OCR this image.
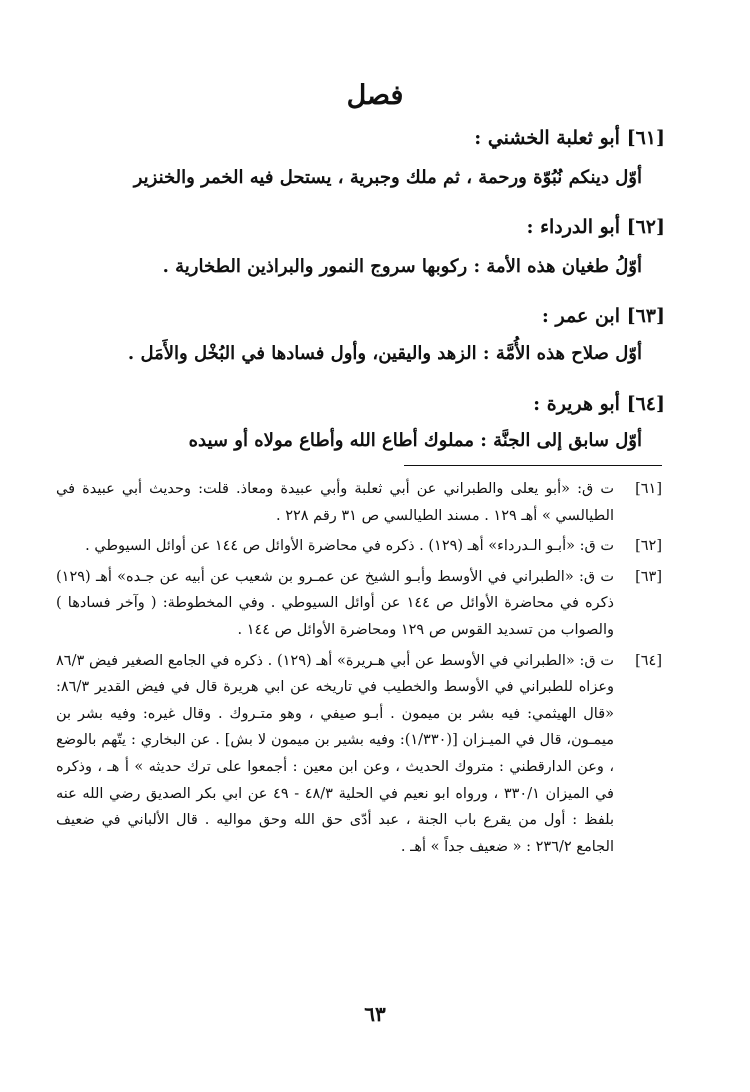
فصل
[٦١] أبو ثعلبة الخشني :
أوّل دينكم نُبُوّة ورحمة ، ثم ملك وجبرية ، يستحل فيه الخمر والخنزير
[٦٢] أبو الدرداء :
أوّلُ طغيان هذه الأمة : ركوبها سروج النمور والبراذين الطخارية .
[٦٣] ابن عمر :
أوّل صلاح هذه الأُمَّة : الزهد واليقين، وأول فسادها في البُخْل والأَمَل .
[٦٤] أبو هريرة :
أوّل سابق إلى الجنَّة : مملوك أطاع الله وأطاع مولاه أو سيده
[٦١]
ت ق: «أبو يعلى والطبراني عن أبي ثعلبة وأبي عبيدة ومعاذ. قلت: وحديث أبي عبيدة في الطيالسي » أهـ ١٢٩ . مسند الطيالسي ص ٣١ رقم ٢٢٨ .
[٦٢]
ت ق: «أبـو الـدرداء» أهـ (١٢٩) . ذكره في محاضرة الأوائل ص ١٤٤ عن أوائل السيوطي .
[٦٣]
ت ق: «الطبراني في الأوسط وأبـو الشيخ عن عمـرو بن شعيب عن أبيه عن جـده» أهـ (١٢٩) ذكره في محاضرة الأوائل ص ١٤٤ عن أوائل السيوطي . وفي المخطوطة: ( وآخر فسادها ) والصواب من تسديد القوس ص ١٢٩ ومحاضرة الأوائل ص ١٤٤ .
[٦٤]
ت ق: «الطبراني في الأوسط عن أبي هـريرة» أهـ (١٢٩) . ذكره في الجامع الصغير فيض ٨٦/٣ وعزاه للطبراني في الأوسط والخطيب في تاريخه عن ابي هريرة قال في فيض القدير ٨٦/٣: «قال الهيثمي: فيه بشر بن ميمون . أبـو صيفي ، وهو متـروك . وقال غيره: وفيه بشر بن ميمـون، قال في الميـزان [(١/٣٣٠): وفيه بشير بن ميمون لا بش] . عن البخاري : يتّهم بالوضع ، وعن الدارقطني : متروك الحديث ، وعن ابن معين : أجمعوا على ترك حديثه » أ هـ ، وذكره في الميزان ٣٣٠/١ ، ورواه ابو نعيم في الحلية ٤٨/٣ - ٤٩ عن ابي بكر الصديق رضي الله عنه بلفظ : أول من يقرع باب الجنة ، عبد أدّى حق الله وحق مواليه . قال الألباني في ضعيف الجامع ٢٣٦/٢ : « ضعيف جداً » أهـ .
٦٣
